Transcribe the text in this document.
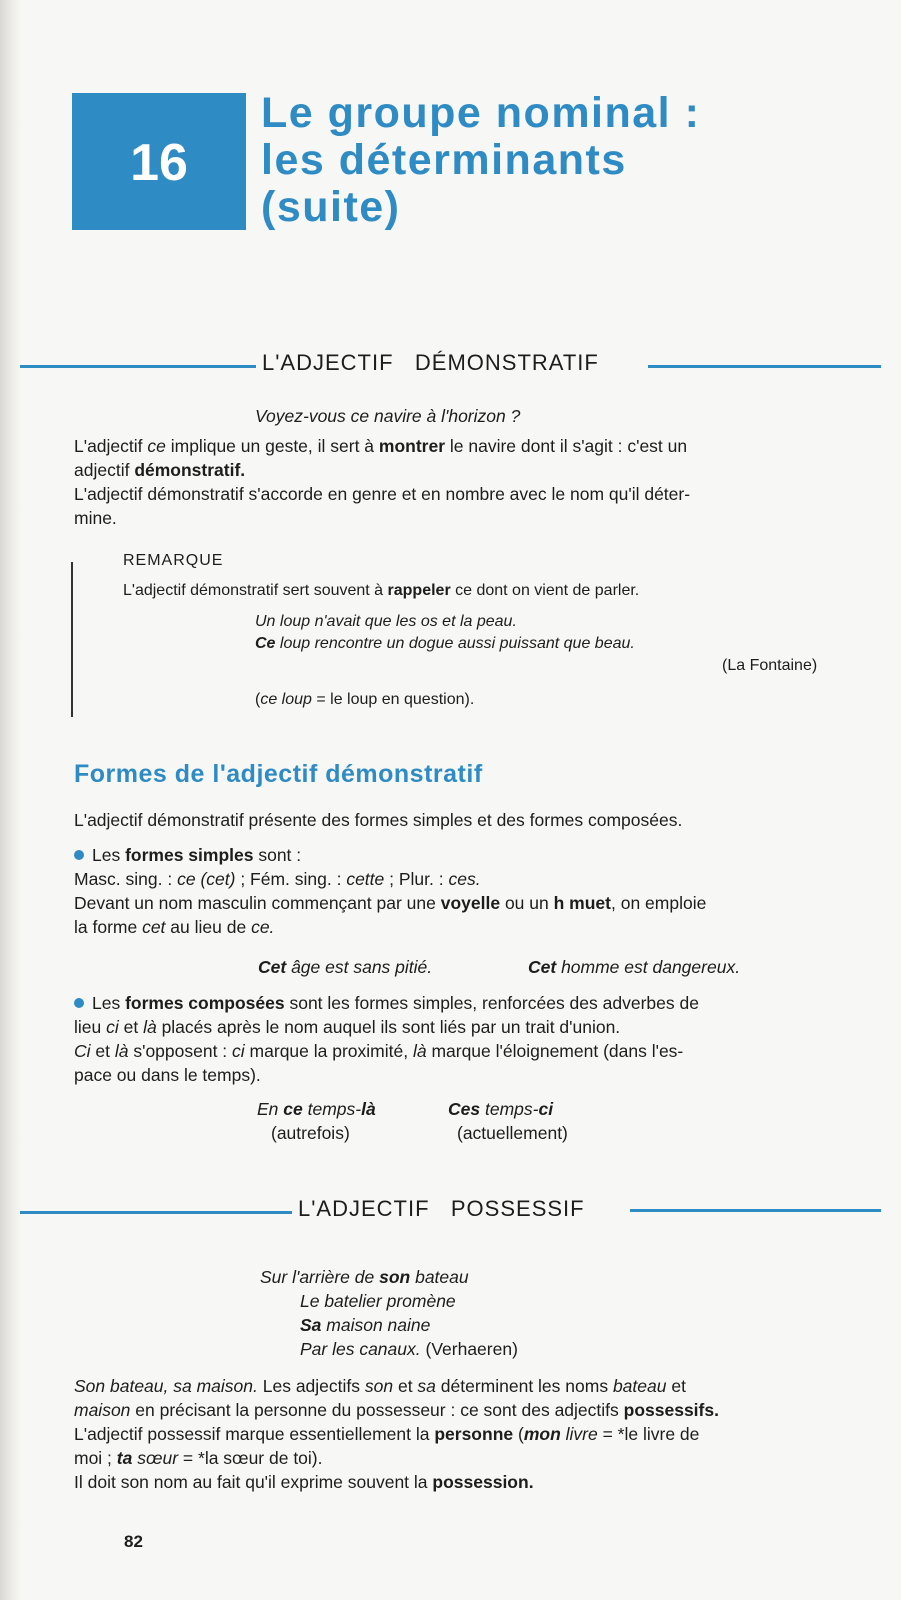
16
Le groupe nominal :
les déterminants
(suite)
L'ADJECTIF   DÉMONSTRATIF
Voyez-vous ce navire à l'horizon ?
L'adjectif ce implique un geste, il sert à montrer le navire dont il s'agit : c'est un
adjectif démonstratif.
L'adjectif démonstratif s'accorde en genre et en nombre avec le nom qu'il déter-
mine.
REMARQUE
L'adjectif démonstratif sert souvent à rappeler ce dont on vient de parler.
Un loup n'avait que les os et la peau.
Ce loup rencontre un dogue aussi puissant que beau.
(La Fontaine)
(ce loup = le loup en question).
Formes de l'adjectif démonstratif
L'adjectif démonstratif présente des formes simples et des formes composées.
Les formes simples sont :
Masc. sing. : ce (cet) ; Fém. sing. : cette ; Plur. : ces.
Devant un nom masculin commençant par une voyelle ou un h muet, on emploie
la forme cet au lieu de ce.
Cet âge est sans pitié.	Cet homme est dangereux.
Les formes composées sont les formes simples, renforcées des adverbes de
lieu ci et là placés après le nom auquel ils sont liés par un trait d'union.
Ci et là s'opposent : ci marque la proximité, là marque l'éloignement (dans l'es-
pace ou dans le temps).
En ce temps-là
(autrefois)
Ces temps-ci
(actuellement)
L'ADJECTIF   POSSESSIF
Sur l'arrière de son bateau
Le batelier promène
Sa maison naine
Par les canaux. (Verhaeren)
Son bateau, sa maison. Les adjectifs son et sa déterminent les noms bateau et
maison en précisant la personne du possesseur : ce sont des adjectifs possessifs.
L'adjectif possessif marque essentiellement la personne (mon livre = *le livre de
moi ; ta sœur = *la sœur de toi).
Il doit son nom au fait qu'il exprime souvent la possession.
82
